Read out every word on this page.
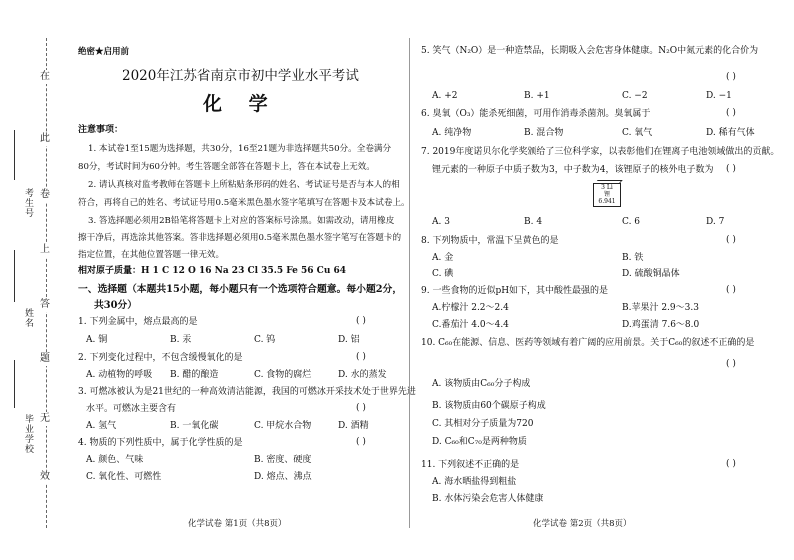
在
此
卷
上
答
题
无
效
考生号
姓名
毕业学校
绝密★启用前
2020年江苏省南京市初中学业水平考试
化 学
注意事项：
1. 本试卷1至15题为选择题，共30分，16至21题为非选择题共50分。全卷满分
80分，考试时间为60分钟。考生答题全部答在答题卡上，答在本试卷上无效。
2. 请认真核对监考教师在答题卡上所粘贴条形码的姓名、考试证号是否与本人的相
符合，再将自己的姓名、考试证号用0.5毫米黑色墨水签字笔填写在答题卡及本试卷上。
3. 答选择题必须用2B铅笔将答题卡上对应的答案标号涂黑。如需改动，请用橡皮
擦干净后，再选涂其他答案。答非选择题必须用0.5毫米黑色墨水签字笔写在答题卡的
指定位置，在其他位置答题一律无效。
相对原子质量：H 1 C 12 O 16 Na 23 Cl 35.5 Fe 56 Cu 64
一、选择题（本题共15小题，每小题只有一个选项符合题意。每小题2分，
共30分）
1. 下列金属中，熔点最高的是	( )
A. 铜	B. 汞	C. 钨	D. 铝
2. 下列变化过程中，不包含缓慢氧化的是	( )
A. 动植物的呼吸 B. 醋的酿造	C. 食物的腐烂	D. 水的蒸发
3. 可燃冰被认为是21世纪的一种高效清洁能源，我国的可燃冰开采技术处于世界先进
水平。可燃冰主要含有	( )
A. 氢气	B. 一氧化碳	C. 甲烷水合物	D. 酒精
4. 物质的下列性质中，属于化学性质的是	( )
A. 颜色、气味	B. 密度、硬度
C. 氧化性、可燃性	D. 熔点、沸点
化学试卷 第1页（共8页）
5. 笑气（N₂O）是一种造禁品，长期吸入会危害身体健康。N₂O中氮元素的化合价为
( )
A. +2	B. +1	C. −2	D. −1
6. 臭氧（O₃）能杀死细菌，可用作消毒杀菌剂。臭氧属于	( )
A. 纯净物	B. 混合物	C. 氧气	D. 稀有气体
7. 2019年度诺贝尔化学奖颁给了三位科学家，以表彰他们在锂离子电池领域做出的贡献。
锂元素的一种原子中质子数为3，中子数为4，该锂原子的核外电子数为 ( )
3 Li
锂
6.941
A. 3	B. 4	C. 6	D. 7
8. 下列物质中，常温下呈黄色的是	( )
A. 金	B. 铁
C. 碘	D. 硫酸铜晶体
9. 一些食物的近似pH如下，其中酸性最强的是	( )
A.柠檬汁 2.2～2.4	B.苹果汁 2.9～3.3
C.番茄汁 4.0～4.4	D.鸡蛋清 7.6～8.0
10. C₆₀在能源、信息、医药等领域有着广阔的应用前景。关于C₆₀的叙述不正确的是
( )
A. 该物质由C₆₀分子构成
B. 该物质由60个碳原子构成
C. 其相对分子质量为720
D. C₆₀和C₇₀是两种物质
11. 下列叙述不正确的是	( )
A. 海水晒盐得到粗盐
B. 水体污染会危害人体健康
化学试卷 第2页（共8页）
